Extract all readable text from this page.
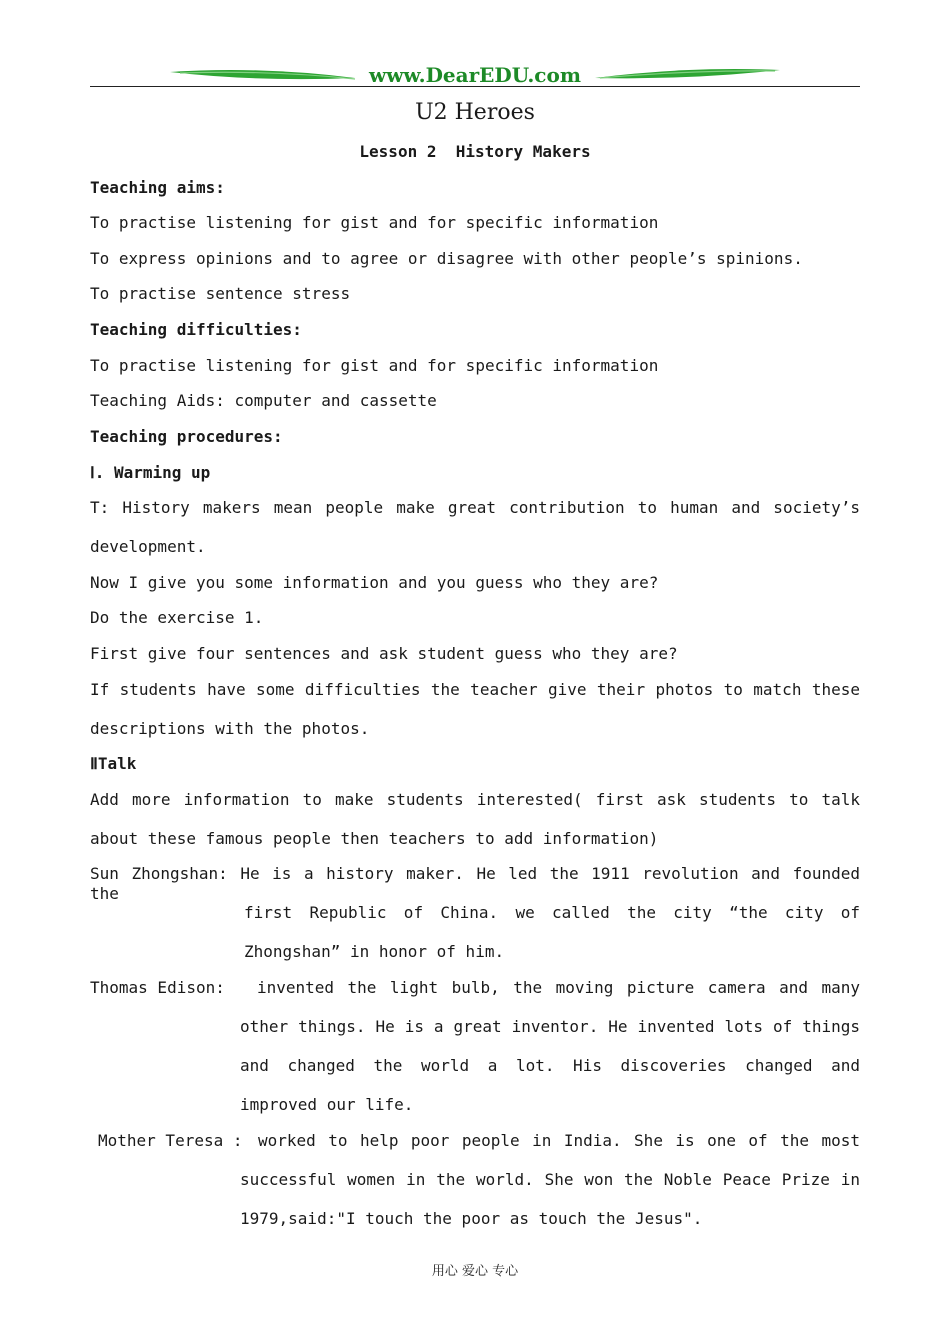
www.DearEDU.com
U2 Heroes
Lesson 2  History Makers
Teaching aims:
To practise listening for gist and for specific information
To express opinions and to agree or disagree with other people’s spinions.
To practise sentence stress
Teaching difficulties:
To practise listening for gist and for specific information
Teaching Aids: computer and cassette
Teaching procedures:
Ⅰ. Warming up
T: History makers mean people make great contribution to human and society’s
development.
Now I give you some information and you guess who they are?
Do the exercise 1.
First give four sentences and ask student guess who they are?
If students have some difficulties the teacher give their photos to match these
descriptions with the photos.
ⅡTalk
Add more information to make students interested( first ask students to talk
about these famous people then teachers to add information)
Sun Zhongshan: He is a history maker. He led the 1911 revolution and founded the
first Republic of China. we called the city “the city of
Zhongshan” in honor of him.
Thomas Edison:	invented the light bulb, the moving picture camera and many
other things. He is a great inventor. He invented lots of things
and changed the world a lot. His discoveries changed and
improved our life.
Mother Teresa : worked to help poor people in India. She is one of the most
successful women in the world. She won the Noble Peace Prize in
1979,said:"I touch the poor as touch the Jesus".
用心 爱心 专心
